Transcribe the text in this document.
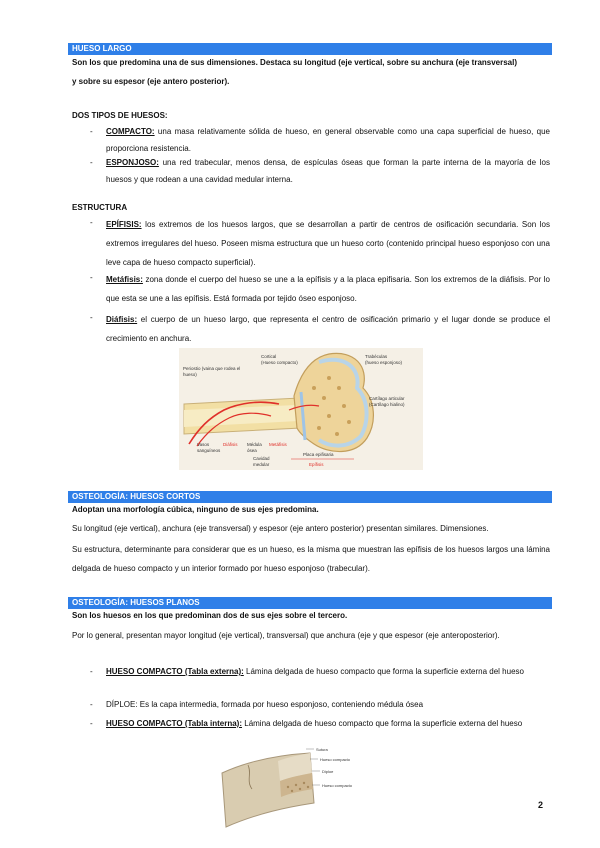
HUESO LARGO
Son los que predomina una de sus dimensiones. Destaca su longitud (eje vertical, sobre su anchura (eje transversal)
y sobre su espesor (eje antero posterior).
DOS TIPOS DE HUESOS:
- COMPACTO: una masa relativamente sólida de hueso, en general observable como una capa superficial de hueso, que proporciona resistencia.
- ESPONJOSO: una red trabecular, menos densa, de espículas óseas que forman la parte interna de la mayoría de los huesos y que rodean a una cavidad medular interna.
ESTRUCTURA
- EPÍFISIS: los extremos de los huesos largos, que se desarrollan a partir de centros de osificación secundaria. Son los extremos irregulares del hueso. Poseen misma estructura que un hueso corto (contenido principal hueso esponjoso con una leve capa de hueso compacto superficial).
- Metáfisis: zona donde el cuerpo del hueso se une a la epífisis y a la placa epifisaria. Son los extremos de la diáfisis. Por lo que esta se une a las epífisis. Está formada por tejido óseo esponjoso.
- Diáfisis: el cuerpo de un hueso largo, que representa el centro de osificación primario y el lugar donde se produce el crecimiento en anchura.
Cortical
(Hueso compacto)
Trabéculas
(hueso esponjoso)
Periostio (vaina que rodea el
hueso)
Cartílago articular
(Cartílago hialino)
Vasos
sanguíneos
Diáfisis Médula
ósea
Metáfisis
Cavidad
medular
Placa epifisaria
Epífisis
OSTEOLOGÍA: HUESOS CORTOS
Adoptan una morfología cúbica, ninguno de sus ejes predomina.
Su longitud (eje vertical), anchura (eje transversal) y espesor (eje antero posterior) presentan similares. Dimensiones.
Su estructura, determinante para considerar que es un hueso, es la misma que muestran las epífisis de los huesos largos una lámina delgada de hueso compacto y un interior formado por hueso esponjoso (trabecular).
OSTEOLOGÍA: HUESOS PLANOS
Son los huesos en los que predominan dos de sus ejes sobre el tercero.
Por lo general, presentan mayor longitud (eje vertical), transversal) que anchura (eje y que espesor (eje anteroposterior).
- HUESO COMPACTO (Tabla externa): Lámina delgada de hueso compacto que forma la superficie externa del hueso
- DÍPLOE: Es la capa intermedia, formada por hueso esponjoso, conteniendo médula ósea
- HUESO COMPACTO (Tabla interna): Lámina delgada de hueso compacto que forma la superficie externa del hueso
Sutura
Hueso compacto
Diploe
Hueso compacto
2
